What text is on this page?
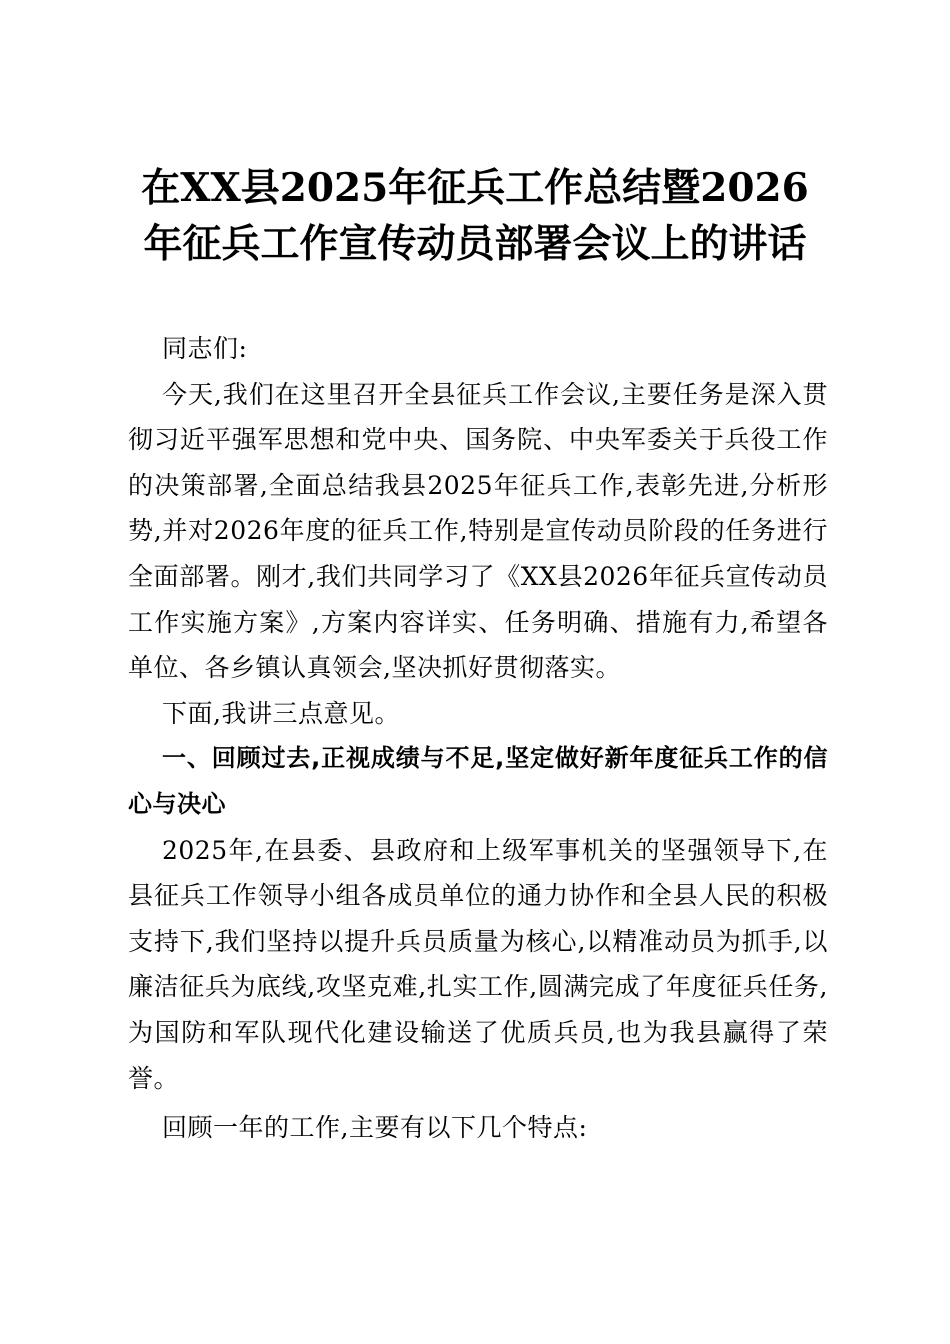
在XX县2025年征兵工作总结暨2026
年征兵工作宣传动员部署会议上的讲话

同志们:

今天,我们在这里召开全县征兵工作会议,主要任务是深入贯彻习近平强军思想和党中央、国务院、中央军委关于兵役工作的决策部署,全面总结我县2025年征兵工作,表彰先进,分析形势,并对2026年度的征兵工作,特别是宣传动员阶段的任务进行全面部署。刚才,我们共同学习了《XX县2026年征兵宣传动员工作实施方案》,方案内容详实、任务明确、措施有力,希望各单位、各乡镇认真领会,坚决抓好贯彻落实。

下面,我讲三点意见。

一、回顾过去,正视成绩与不足,坚定做好新年度征兵工作的信心与决心

2025年,在县委、县政府和上级军事机关的坚强领导下,在县征兵工作领导小组各成员单位的通力协作和全县人民的积极支持下,我们坚持以提升兵员质量为核心,以精准动员为抓手,以廉洁征兵为底线,攻坚克难,扎实工作,圆满完成了年度征兵任务,为国防和军队现代化建设输送了优质兵员,也为我县赢得了荣誉。

回顾一年的工作,主要有以下几个特点:
